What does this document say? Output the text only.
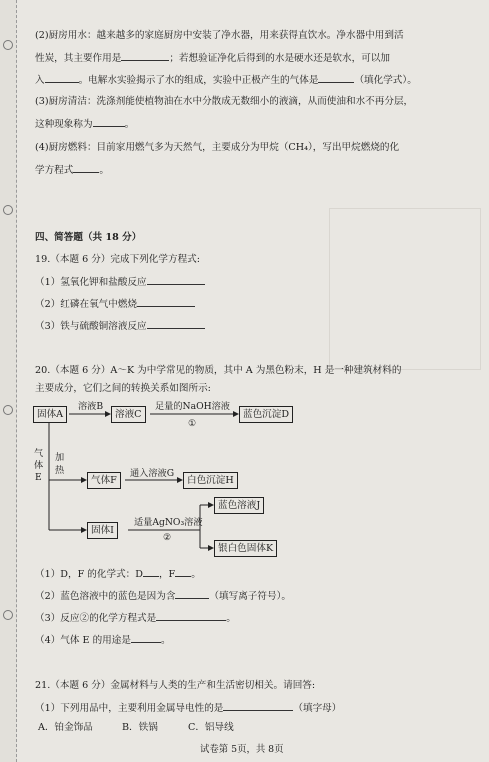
(2)厨房用水：越来越多的家庭厨房中安装了净水器，用来获得直饮水。净水器中用到活
性炭，其主要作用是	；若想验证净化后得到的水是硬水还是软水，可以加
入	。电解水实验揭示了水的组成，实验中正极产生的气体是	（填化学式）。
(3)厨房清洁：洗涤剂能使植物油在水中分散成无数细小的液滴，从而使油和水不再分层，
这种现象称为	。
(4)厨房燃料：目前家用燃气多为天然气，主要成分为甲烷（CH₄），写出甲烷燃烧的化
学方程式	。
四、简答题（共 18 分）
19.（本题 6 分）完成下列化学方程式:
（1）氢氧化钾和盐酸反应
（2）红磷在氧气中燃烧
（3）铁与硫酸铜溶液反应
20.（本题 6 分）A～K 为中学常见的物质，其中 A 为黑色粉末，H 是一种建筑材料的
主要成分，它们之间的转换关系如图所示:
固体A
溶液B
溶液C
足量的NaOH溶液
①
蓝色沉淀D
气
体
E
加
热
气体F
通入溶液G
白色沉淀H
固体I
适量AgNO₃溶液
②
蓝色溶液J
银白色固体K
（1）D，F 的化学式：D ，F 。
（2）蓝色溶液中的蓝色是因为含	（填写离子符号）。
（3）反应②的化学方程式是	。
（4）气体 E 的用途是	。
21.（本题 6 分）金属材料与人类的生产和生活密切相关。请回答:
（1）下列用品中，主要利用金属导电性的是	（填字母）
A．铂金饰品	B．铁锅	C．铝导线
试卷第 5页，共 8页
